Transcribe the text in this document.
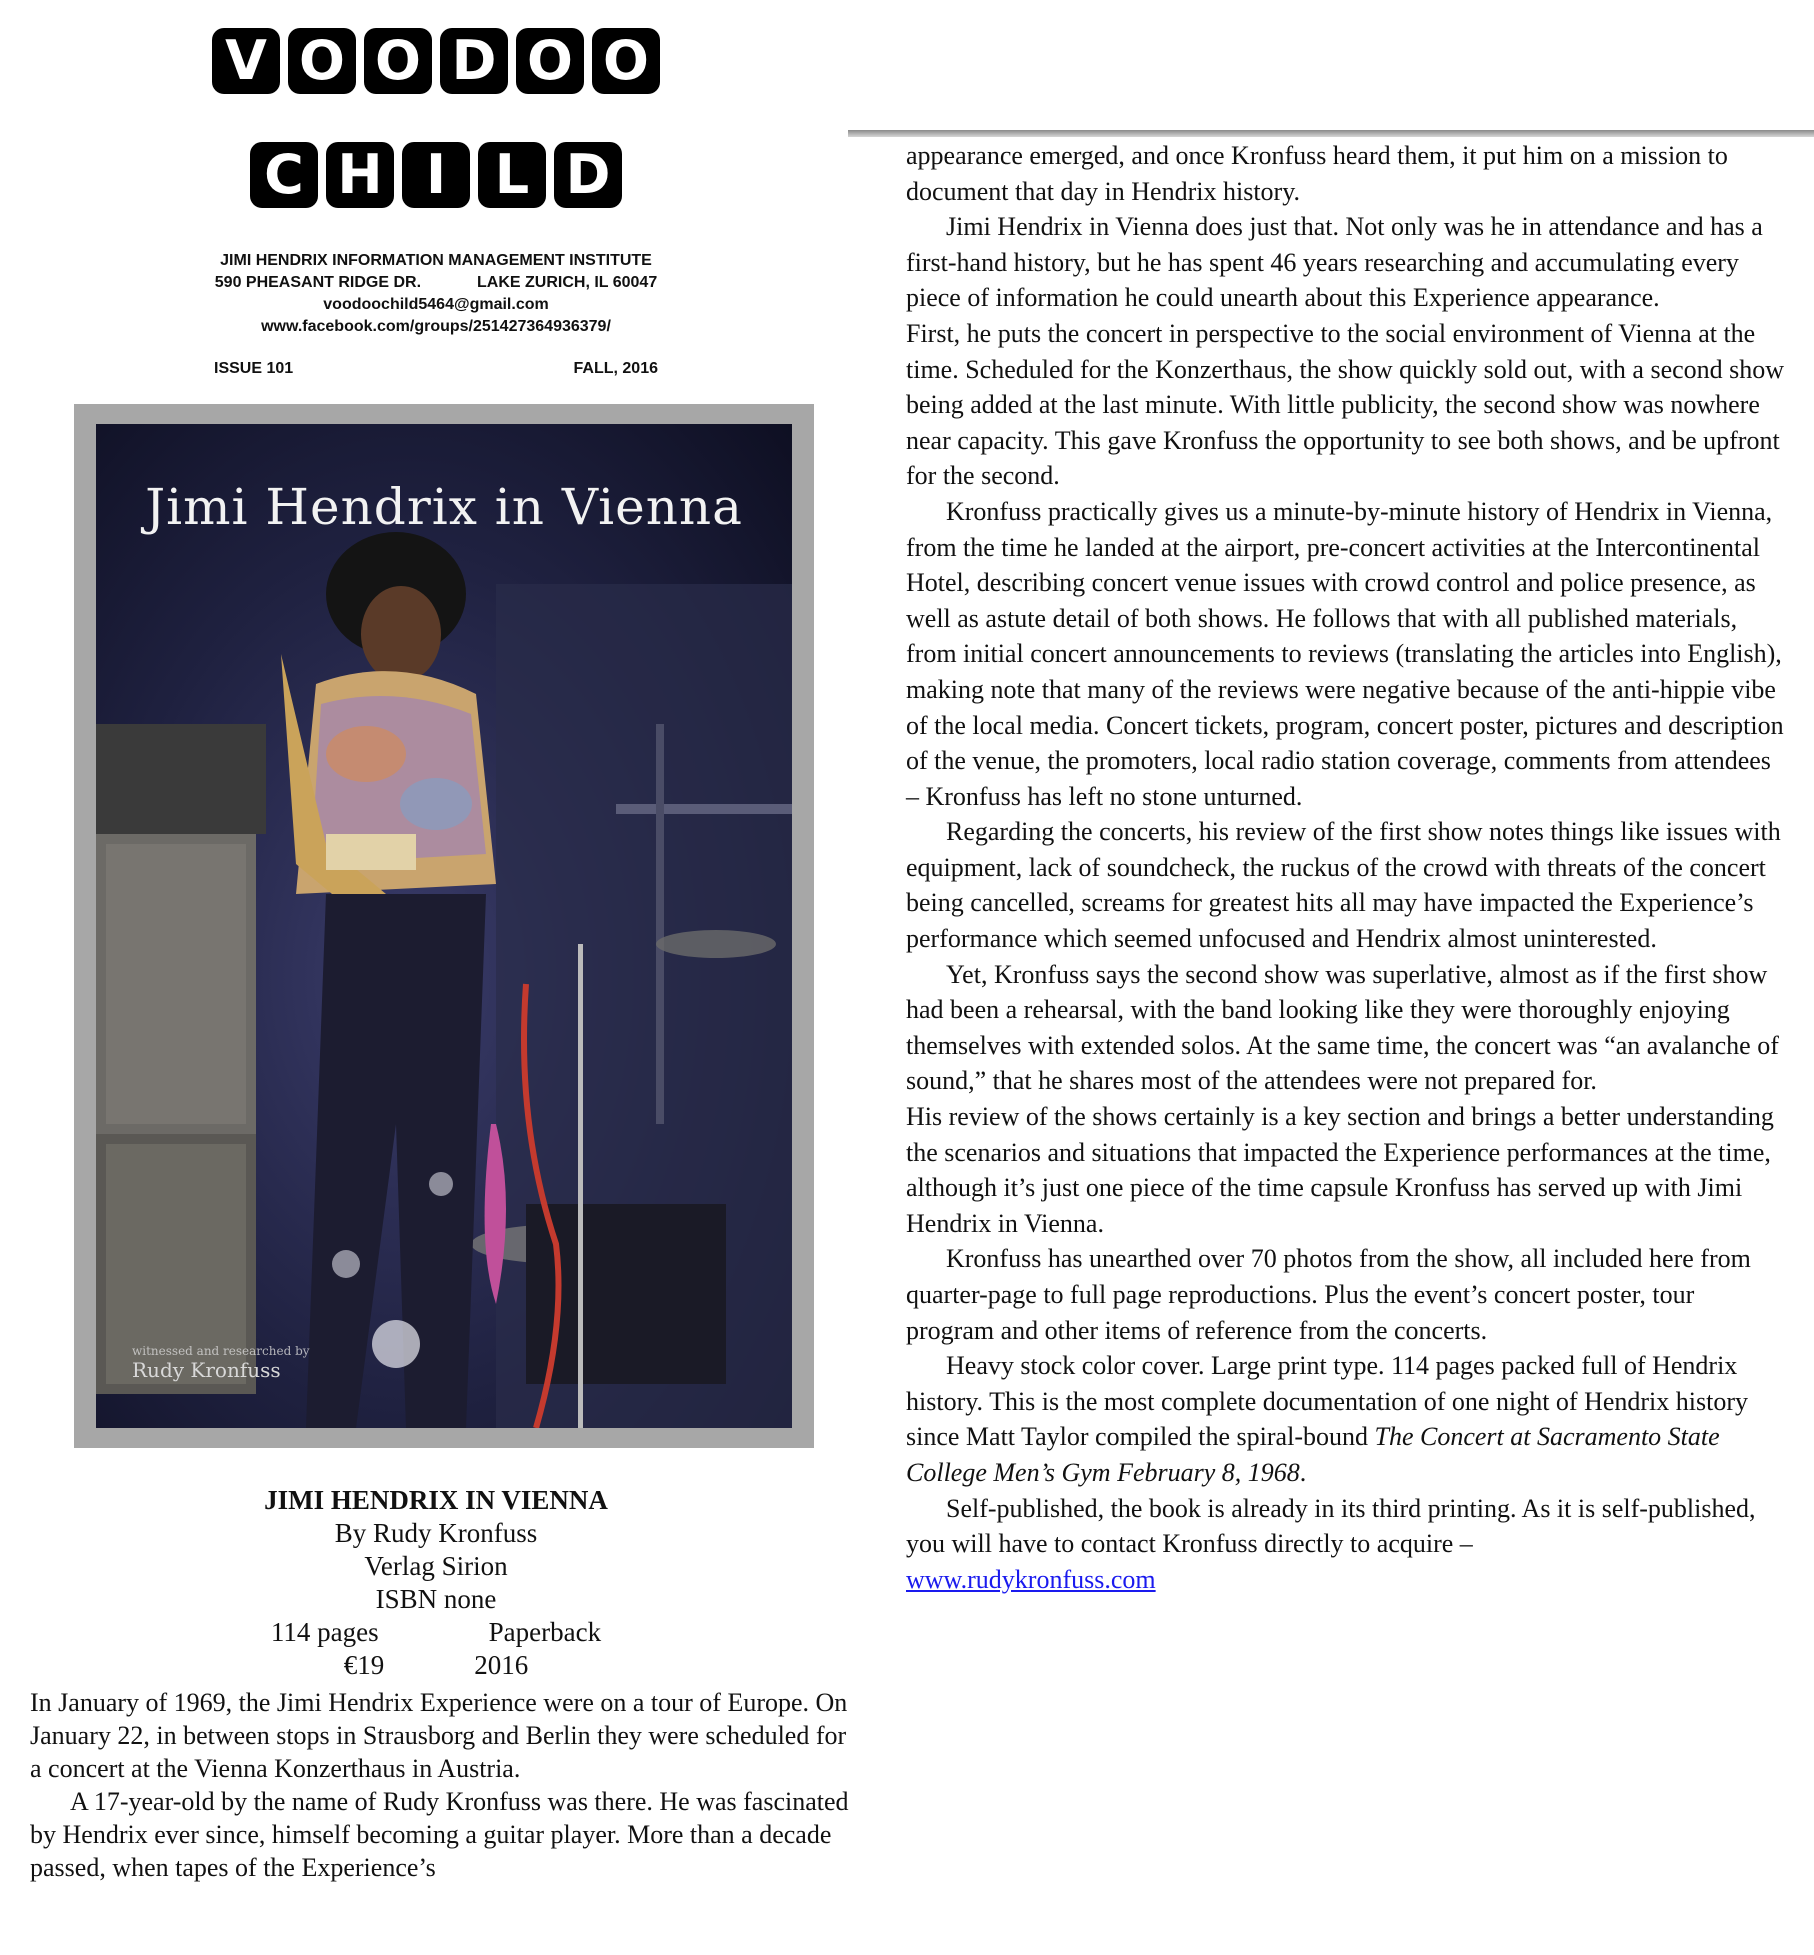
V O O D O O
C H I L D
JIMI HENDRIX INFORMATION MANAGEMENT INSTITUTE
590 PHEASANT RIDGE DR.	LAKE ZURICH, IL 60047
voodoochild5464@gmail.com
www.facebook.com/groups/251427364936379/
ISSUE 101	FALL, 2016
Jimi Hendrix in Vienna
witnessed and researched by
Rudy Kronfuss
JIMI HENDRIX IN VIENNA
By Rudy Kronfuss
Verlag Sirion
ISBN none
114 pages	Paperback
€19	2016

In January of 1969, the Jimi Hendrix Experience were on a tour of Europe. On January 22, in between stops in Strausborg and Berlin they were scheduled for a concert at the Vienna Konzerthaus in Austria.

A 17-year-old by the name of Rudy Kronfuss was there. He was fascinated by Hendrix ever since, himself becoming a guitar player. More than a decade passed, when tapes of the Experience’s

appearance emerged, and once Kronfuss heard them, it put him on a mission to document that day in Hendrix history.

Jimi Hendrix in Vienna does just that. Not only was he in attendance and has a first-hand history, but he has spent 46 years researching and accumulating every piece of information he could unearth about this Experience appearance.

First, he puts the concert in perspective to the social environment of Vienna at the time. Scheduled for the Konzerthaus, the show quickly sold out, with a second show being added at the last minute. With little publicity, the second show was nowhere near capacity. This gave Kronfuss the opportunity to see both shows, and be upfront for the second.

Kronfuss practically gives us a minute-by-minute history of Hendrix in Vienna, from the time he landed at the airport, pre-concert activities at the Intercontinental Hotel, describing concert venue issues with crowd control and police presence, as well as astute detail of both shows. He follows that with all published materials, from initial concert announcements to reviews (translating the articles into English), making note that many of the reviews were negative because of the anti-hippie vibe of the local media. Concert tickets, program, concert poster, pictures and description of the venue, the promoters, local radio station coverage, comments from attendees – Kronfuss has left no stone unturned.

Regarding the concerts, his review of the first show notes things like issues with equipment, lack of soundcheck, the ruckus of the crowd with threats of the concert being cancelled, screams for greatest hits all may have impacted the Experience’s performance which seemed unfocused and Hendrix almost uninterested.

Yet, Kronfuss says the second show was superlative, almost as if the first show had been a rehearsal, with the band looking like they were thoroughly enjoying themselves with extended solos. At the same time, the concert was “an avalanche of sound,” that he shares most of the attendees were not prepared for.

His review of the shows certainly is a key section and brings a better understanding the scenarios and situations that impacted the Experience performances at the time, although it’s just one piece of the time capsule Kronfuss has served up with Jimi Hendrix in Vienna.

Kronfuss has unearthed over 70 photos from the show, all included here from quarter-page to full page reproductions. Plus the event’s concert poster, tour program and other items of reference from the concerts.

Heavy stock color cover. Large print type. 114 pages packed full of Hendrix history. This is the most complete documentation of one night of Hendrix history since Matt Taylor compiled the spiral-bound The Concert at Sacramento State College Men’s Gym February 8, 1968.

Self-published, the book is already in its third printing. As it is self-published, you will have to contact Kronfuss directly to acquire –
www.rudykronfuss.com
